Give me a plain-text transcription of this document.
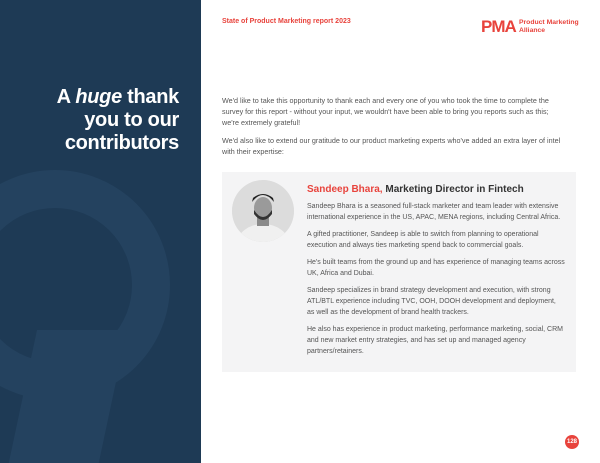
A huge thank
you to our
contributors
State of Product Marketing report 2023	PMA Product Marketing Alliance

We'd like to take this opportunity to thank each and every one of you who took the time to complete the survey for this report - without your input, we wouldn't have been able to bring you reports such as this; we're extremely grateful!

We'd also like to extend our gratitude to our product marketing experts who've added an extra layer of intel with their expertise:

Sandeep Bhara, Marketing Director in Fintech

Sandeep Bhara is a seasoned full-stack marketer and team leader with extensive international experience in the US, APAC, MENA regions, including Central Africa.

A gifted practitioner, Sandeep is able to switch from planning to operational execution and always ties marketing spend back to commercial goals.

He's built teams from the ground up and has experience of managing teams across UK, Africa and Dubai.

Sandeep specializes in brand strategy development and execution, with strong ATL/BTL experience including TVC, OOH, DOOH development and deployment, as well as the development of brand health trackers.

He also has experience in product marketing, performance marketing, social, CRM and new market entry strategies, and has set up and managed agency partners/retainers.

128
